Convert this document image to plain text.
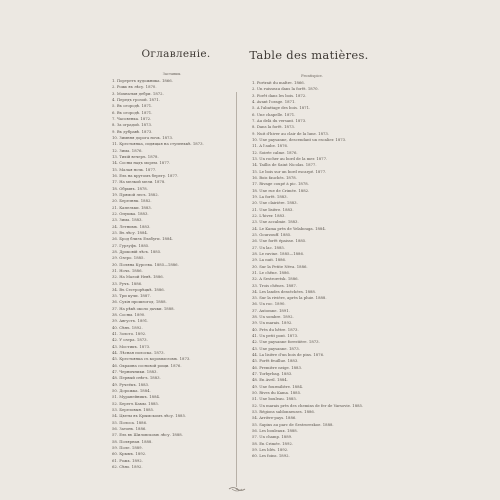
Оглавленіе.
Заставкы.
1. Портретъ художника. 1866.
2. Рожь въ лѣсу. 1870.
3. Мохнатыя дебри. 1872.
4. Передъ грозой. 1871.
5. Въ огородѣ. 1871.
6. Въ огородѣ. 1871.
7. Часовенка. 1872.
8. За оградой. 1873.
9. Въ дубравѣ. 1873.
10. Зимняя дорога ночь. 1873.
11. Крестьянка, сидящая на ступенькѣ. 1873.
12. Зима. 1876.
13. Тихій вечеръ. 1878.
14. Сосны надъ морем. 1877.
15. Малая ночь. 1877.
16. Ель на крутомъ берегу. 1877.
17. На мелкой мели. 1878.
18. Обрывъ. 1878.
19. Прямой лесъ. 1882.
20. Березняк. 1882.
21. Капельки. 1883.
22. Опушка. 1883.
23. Зима. 1883.
24. Летнимъ. 1883.
25. Въ лѣсу. 1884.
26. Брод близъ Елабуги. 1884.
27. Гурзуфъ. 1885.
28. Дроковій лѣсъ. 1885.
29. Озеро. 1885.
30. Поляна Курсева. 1885—1886.
31. Ночь. 1886.
32. На Малой Невѣ. 1886.
33. Ручъ. 1886.
34. Въ Сестрорѣцкѣ. 1886.
35. Три кучи. 1887.
36. Сухія прошлогод. 1888.
37. На рѣкѣ около дачки. 1888.
38. Сосны. 1890.
39. Августъ. 1891.
40. Сѣнъ. 1892.
41. Золото. 1892.
42. У озера. 1873.
43. Мостикъ. 1873.
44. Лѣсная полоска. 1873.
45. Крестьянка съ коромысломъ. 1873.
46. Окраина сосновой рощи. 1876.
47. Черничники. 1883.
48. Первый снѣгъ. 1883.
49. Ручеёкъ. 1883.
50. Дорожка. 1884.
51. Муравейникъ. 1884.
52. Берегъ Камы. 1885.
53. Березовыя. 1885.
54. Цветы въ Крымскомъ лѣсу. 1885.
55. Полоса. 1886.
56. Затонъ. 1886.
57. Ель въ Шиловскомъ лѣсу. 1888.
58. Полярная. 1888.
59. Поле. 1889.
60. Крымъ. 1892.
61. Рожь. 1892.
62. Сѣно. 1892.
Table des matières.
Frontispice.
1. Portrait du maître. 1866.
2. Un ruisseau dans la forêt. 1870.
3. Forêt dans les bois. 1872.
4. Avant l'orage. 1871.
5. A l'abattage des bois. 1871.
6. Une chapelle. 1871.
7. Au delà du versant. 1873.
8. Dans la forêt. 1873.
9. Nuit d'hiver au clair de la lune. 1873.
10. Une paysanne, descendant un escalier. 1873.
11. A l'aube. 1876.
12. Soirée calme. 1876.
13. Un rocher au bord de la mer. 1877.
14. Taillis de Saint Nicolas. 1877.
15. Le bois sur un bord escarpé. 1877.
16. Bois fauchés. 1878.
17. Rivage coupé à pic. 1878.
18. Une rue de Crimée. 1882.
19. La forêt. 1883.
20. Une clairière. 1883.
21. Une lisière. 1883.
22. L'hiver. 1883.
23. Une accalmie. 1883.
24. Le Kama près de Yelabouga. 1884.
25. Gourzouff. 1885.
26. Une forêt épaisse. 1885.
27. Un lac. 1885.
28. Le ravine. 1885—1886.
29. La nuit. 1886.
30. Sur la Petite Néva. 1886.
31. Le chêne. 1886.
32. A Sestroretsk. 1886.
33. Trois chênes. 1887.
34. Les landes desséchées. 1888.
35. Sur la rivière, après la pluie. 1888.
36. Un roc. 1890.
37. Automne. 1891.
38. Un sombre. 1892.
39. Un marais. 1892.
40. Près du hêtre. 1873.
41. Un petit pont. 1873.
42. Une paysanne forestière. 1873.
43. Une paysanne. 1873.
44. La lisière d'un bois de pins. 1876.
45. Forêt feuillue. 1883.
46. Première neige. 1883.
47. Torbyrbag. 1883.
48. En Avril. 1884.
49. Une fourmilière. 1884.
50. Rives du Kama. 1885.
51. Une bouleau. 1885.
52. Un marais près des chemins de fer de Varsovie. 1885.
53. Régions sablonneuses. 1886.
54. Arrière-pays. 1886.
55. Sapins au parc de Sestrorezkoe. 1888.
56. Les bouleaux. 1888.
57. Un champ. 1889.
58. En Crimée. 1892.
59. Les blés. 1892.
60. Les foins. 1892.
